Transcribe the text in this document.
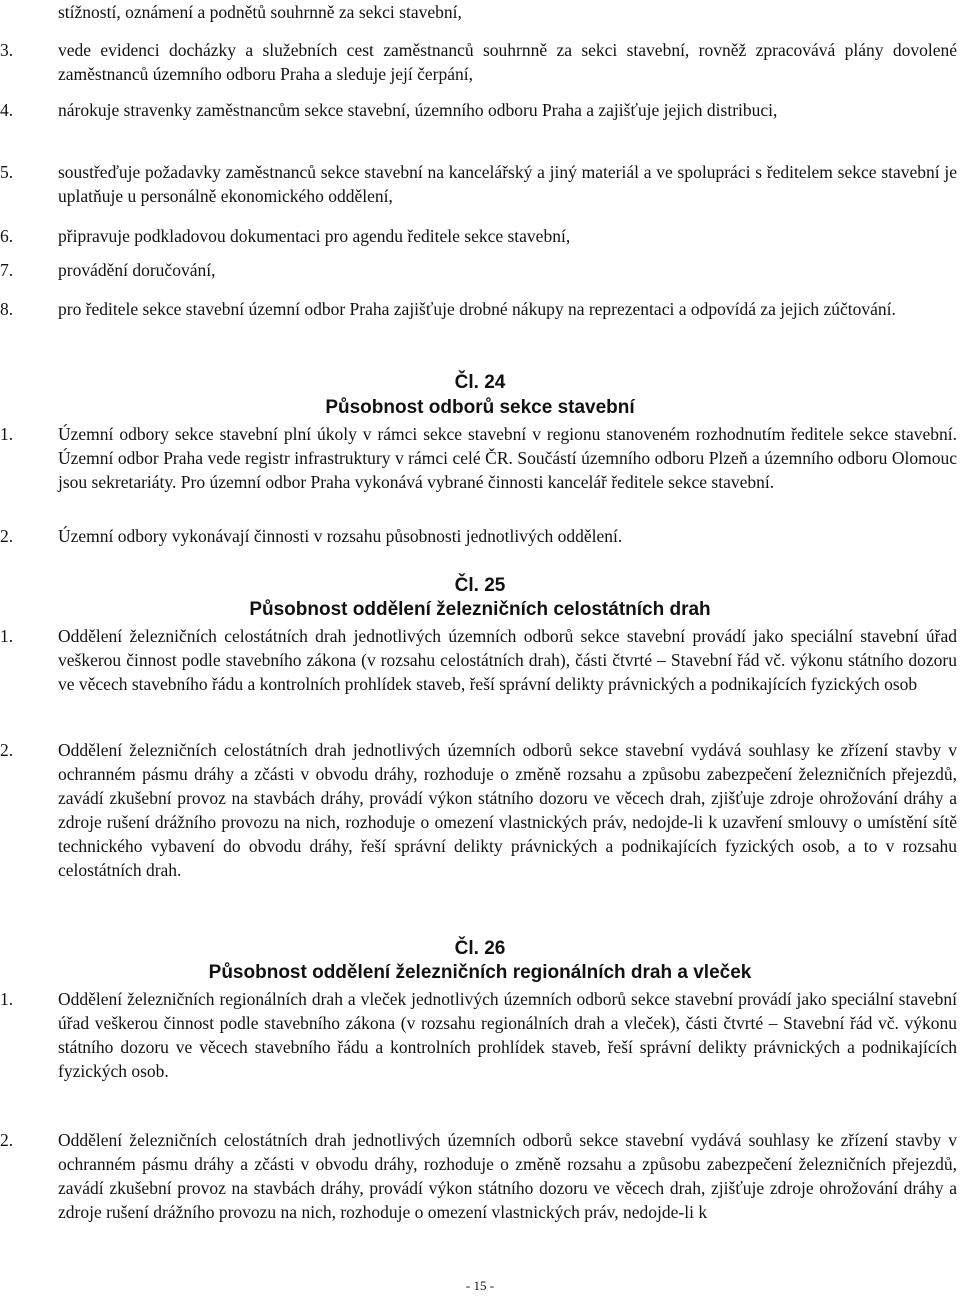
stížností, oznámení a podnětů souhrnně za sekci stavební,
3.	vede evidenci docházky a služebních cest zaměstnanců souhrnně za sekci stavební, rovněž zpracovává plány dovolené zaměstnanců územního odboru Praha a sleduje její čerpání,
4.	nárokuje stravenky zaměstnancům sekce stavební, územního odboru Praha a zajišťuje jejich distribuci,
5.	soustřeďuje požadavky zaměstnanců sekce stavební na kancelářský a jiný materiál a ve spolupráci s ředitelem sekce stavební je uplatňuje u personálně ekonomického oddělení,
6.	připravuje podkladovou dokumentaci pro agendu ředitele sekce stavební,
7.	provádění doručování,
8.	pro ředitele sekce stavební územní odbor Praha zajišťuje drobné nákupy na reprezentaci a odpovídá za jejich zúčtování.
Čl. 24
Působnost odborů sekce stavební
1.	Územní odbory sekce stavební plní úkoly v rámci sekce stavební v regionu stanoveném rozhodnutím ředitele sekce stavební. Územní odbor Praha vede registr infrastruktury v rámci celé ČR. Součástí územního odboru Plzeň a územního odboru Olomouc jsou sekretariáty. Pro územní odbor Praha vykonává vybrané činnosti kancelář ředitele sekce stavební.
2.	Územní odbory vykonávají činnosti v rozsahu působnosti jednotlivých oddělení.
Čl. 25
Působnost oddělení železničních celostátních drah
1.	Oddělení železničních celostátních drah jednotlivých územních odborů sekce stavební provádí jako speciální stavební úřad veškerou činnost podle stavebního zákona (v rozsahu celostátních drah), části čtvrté – Stavební řád vč. výkonu státního dozoru ve věcech stavebního řádu a kontrolních prohlídek staveb, řeší správní delikty právnických a podnikajících fyzických osob
2.	Oddělení železničních celostátních drah jednotlivých územních odborů sekce stavební vydává souhlasy ke zřízení stavby v ochranném pásmu dráhy a zčásti v obvodu dráhy, rozhoduje o změně rozsahu a způsobu zabezpečení železničních přejezdů, zavádí zkušební provoz na stavbách dráhy, provádí výkon státního dozoru ve věcech drah, zjišťuje zdroje ohrožování dráhy a zdroje rušení drážního provozu na nich, rozhoduje o omezení vlastnických práv, nedojde-li k uzavření smlouvy o umístění sítě technického vybavení do obvodu dráhy, řeší správní delikty právnických a podnikajících fyzických osob, a to v rozsahu celostátních drah.
Čl. 26
Působnost oddělení železničních regionálních drah a vleček
1.	Oddělení železničních regionálních drah a vleček jednotlivých územních odborů sekce stavební provádí jako speciální stavební úřad veškerou činnost podle stavebního zákona (v rozsahu regionálních drah a vleček), části čtvrté – Stavební řád vč. výkonu státního dozoru ve věcech stavebního řádu a kontrolních prohlídek staveb, řeší správní delikty právnických a podnikajících fyzických osob.
2.	Oddělení železničních celostátních drah jednotlivých územních odborů sekce stavební vydává souhlasy ke zřízení stavby v ochranném pásmu dráhy a zčásti v obvodu dráhy, rozhoduje o změně rozsahu a způsobu zabezpečení železničních přejezdů, zavádí zkušební provoz na stavbách dráhy, provádí výkon státního dozoru ve věcech drah, zjišťuje zdroje ohrožování dráhy a zdroje rušení drážního provozu na nich, rozhoduje o omezení vlastnických práv, nedojde-li k
- 15 -
